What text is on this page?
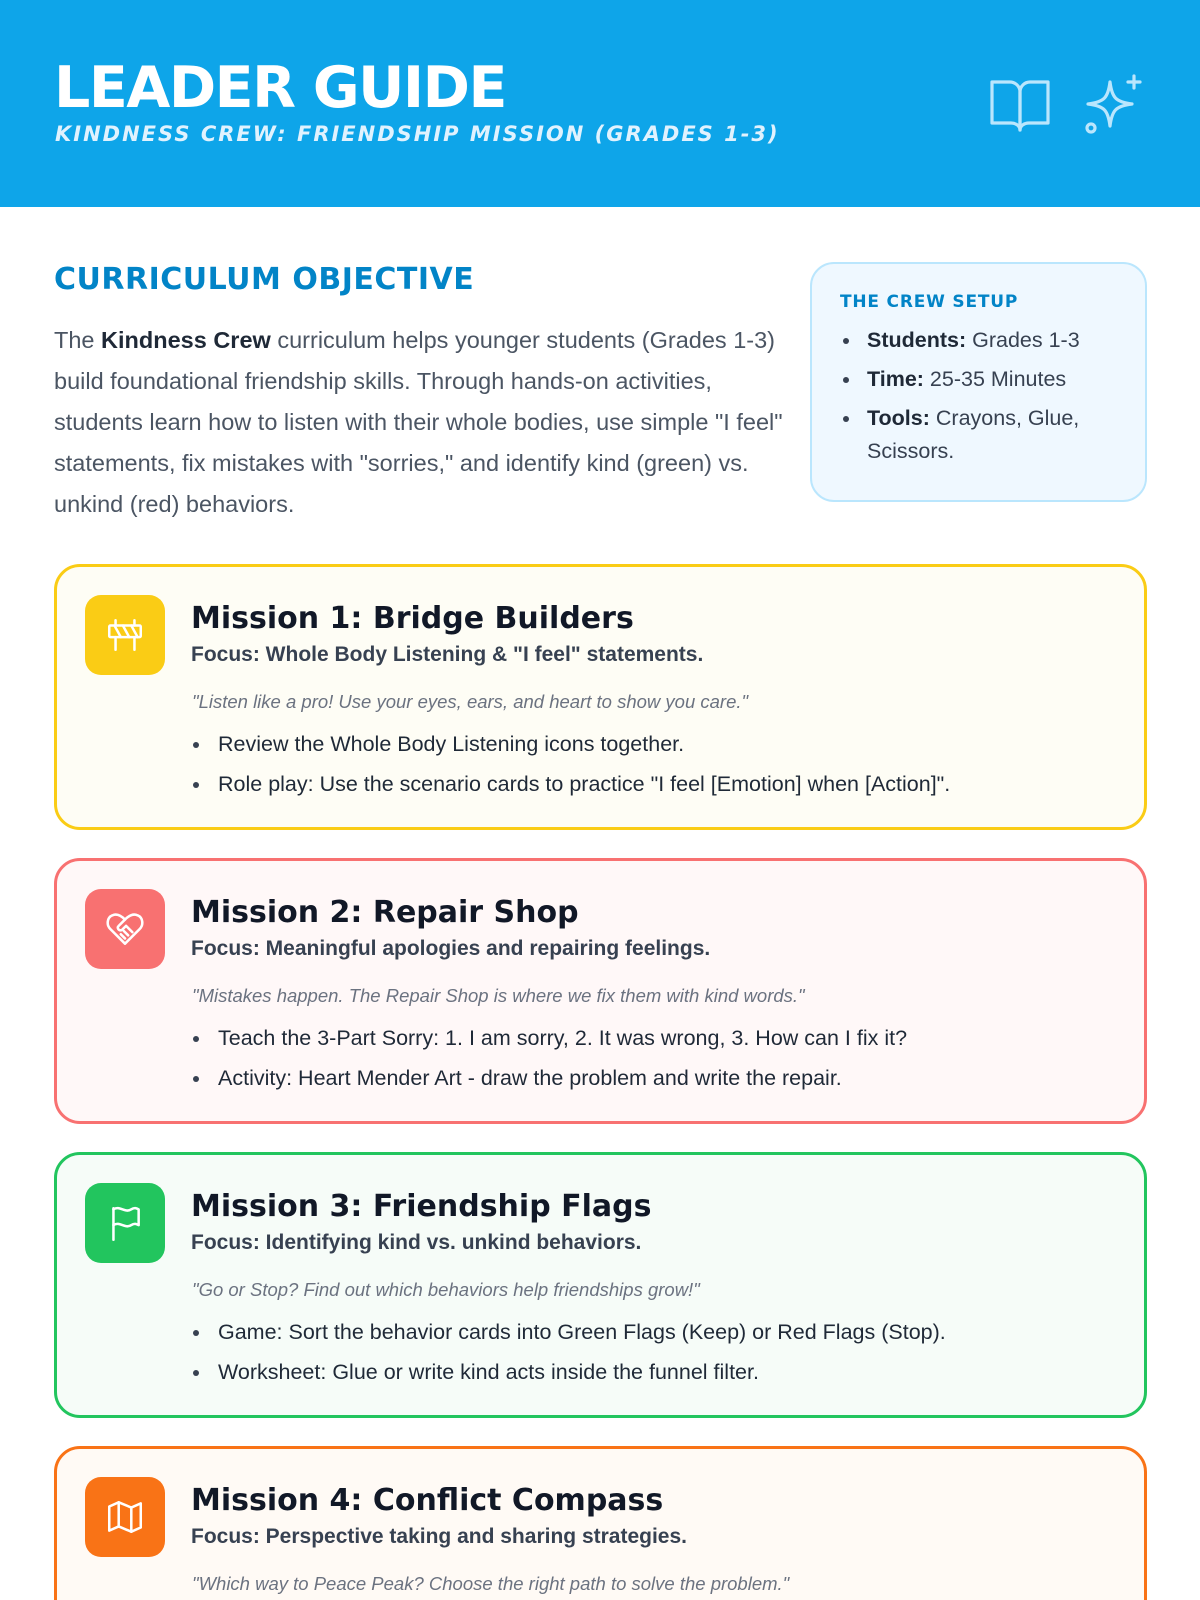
LEADER GUIDE
KINDNESS CREW: FRIENDSHIP MISSION (GRADES 1-3)
CURRICULUM OBJECTIVE
The Kindness Crew curriculum helps younger students (Grades 1-3) build foundational friendship skills. Through hands-on activities, students learn how to listen with their whole bodies, use simple "I feel" statements, fix mistakes with "sorries," and identify kind (green) vs. unkind (red) behaviors.
THE CREW SETUP
Students: Grades 1-3
Time: 25-35 Minutes
Tools: Crayons, Glue, Scissors.
Mission 1: Bridge Builders
Focus: Whole Body Listening & "I feel" statements.
"Listen like a pro! Use your eyes, ears, and heart to show you care."
Review the Whole Body Listening icons together.
Role play: Use the scenario cards to practice "I feel [Emotion] when [Action]".
Mission 2: Repair Shop
Focus: Meaningful apologies and repairing feelings.
"Mistakes happen. The Repair Shop is where we fix them with kind words."
Teach the 3-Part Sorry: 1. I am sorry, 2. It was wrong, 3. How can I fix it?
Activity: Heart Mender Art - draw the problem and write the repair.
Mission 3: Friendship Flags
Focus: Identifying kind vs. unkind behaviors.
"Go or Stop? Find out which behaviors help friendships grow!"
Game: Sort the behavior cards into Green Flags (Keep) or Red Flags (Stop).
Worksheet: Glue or write kind acts inside the funnel filter.
Mission 4: Conflict Compass
Focus: Perspective taking and sharing strategies.
"Which way to Peace Peak? Choose the right path to solve the problem."
